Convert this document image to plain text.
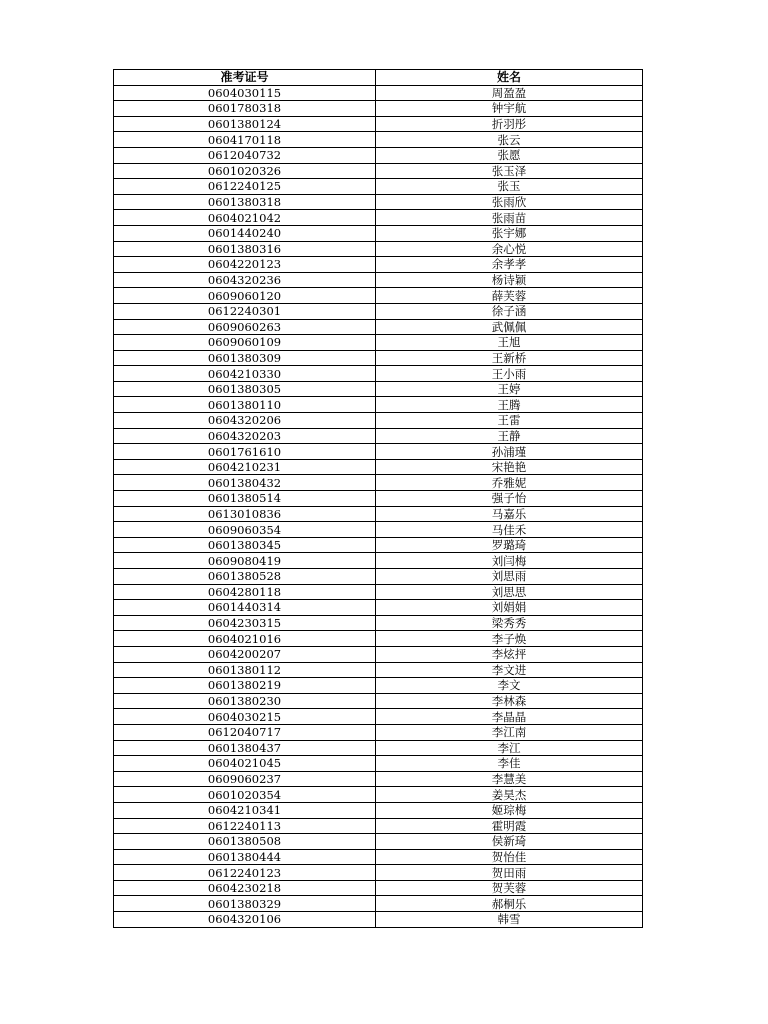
准考证号	姓名
0604030115	周盈盈
0601780318	钟宇航
0601380124	折羽彤
0604170118	张云
0612040732	张愿
0601020326	张玉泽
0612240125	张玉
0601380318	张雨欣
0604021042	张雨苗
0601440240	张宇娜
0601380316	余心悦
0604220123	余孝孝
0604320236	杨诗颖
0609060120	薛芙蓉
0612240301	徐子涵
0609060263	武佩佩
0609060109	王旭
0601380309	王新桥
0604210330	王小雨
0601380305	王婷
0601380110	王腾
0604320206	王雷
0604320203	王静
0601761610	孙浦瑾
0604210231	宋艳艳
0601380432	乔雅妮
0601380514	强子怡
0613010836	马嘉乐
0609060354	马佳禾
0601380345	罗璐琦
0609080419	刘闫梅
0601380528	刘思雨
0604280118	刘思思
0601440314	刘娟娟
0604230315	梁秀秀
0604021016	李子焕
0604200207	李炫抨
0601380112	李文进
0601380219	李文
0601380230	李林森
0604030215	李晶晶
0612040717	李江南
0601380437	李江
0604021045	李佳
0609060237	李慧美
0601020354	姜昊杰
0604210341	姬琮梅
0612240113	霍明霞
0601380508	侯新琦
0601380444	贺怡佳
0612240123	贺田雨
0604230218	贺芙蓉
0601380329	郝桐乐
0604320106	韩雪
